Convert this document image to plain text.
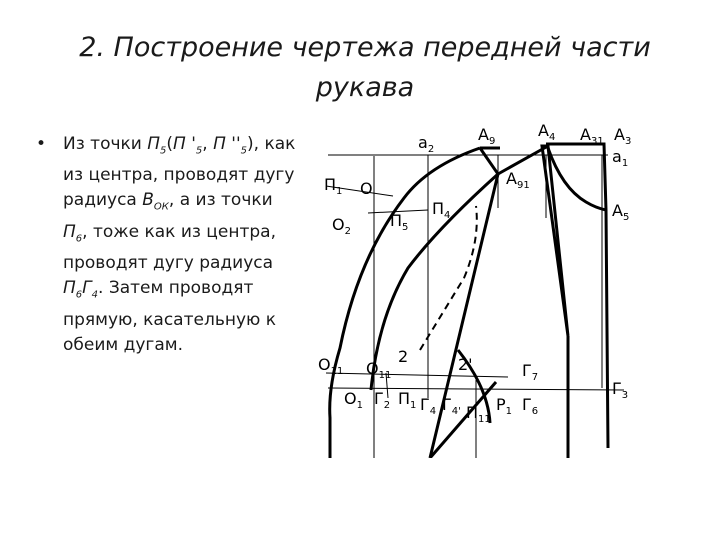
2. Построение чертежа передней части рукава
• Из точки $П_5(П$ '$_5$, П ''$_5$), как из центра, проводят дугу радиуса $В_{ОК}$, а из точки $П_6$, тоже как из центра, проводят дугу радиуса $П_6Г_4$. Затем проводят прямую, касательную к обеим дугам.
$а_2$
$А_9$
$А_4$ $А_{31}$ $А_3$
$а_1$
$П_1$ О
$А_{91}$
$П_4$
$О_2$
$П_5$
$А_5$
$О_{11}$ $О_{11}$
2	2'	$Г_7$
$Г_3$
$О_1$ $Г_2$ $П_1$ $Г_4$ $Г_{4'}$ $П_{11}$
$Р_1$ $Г_6$
